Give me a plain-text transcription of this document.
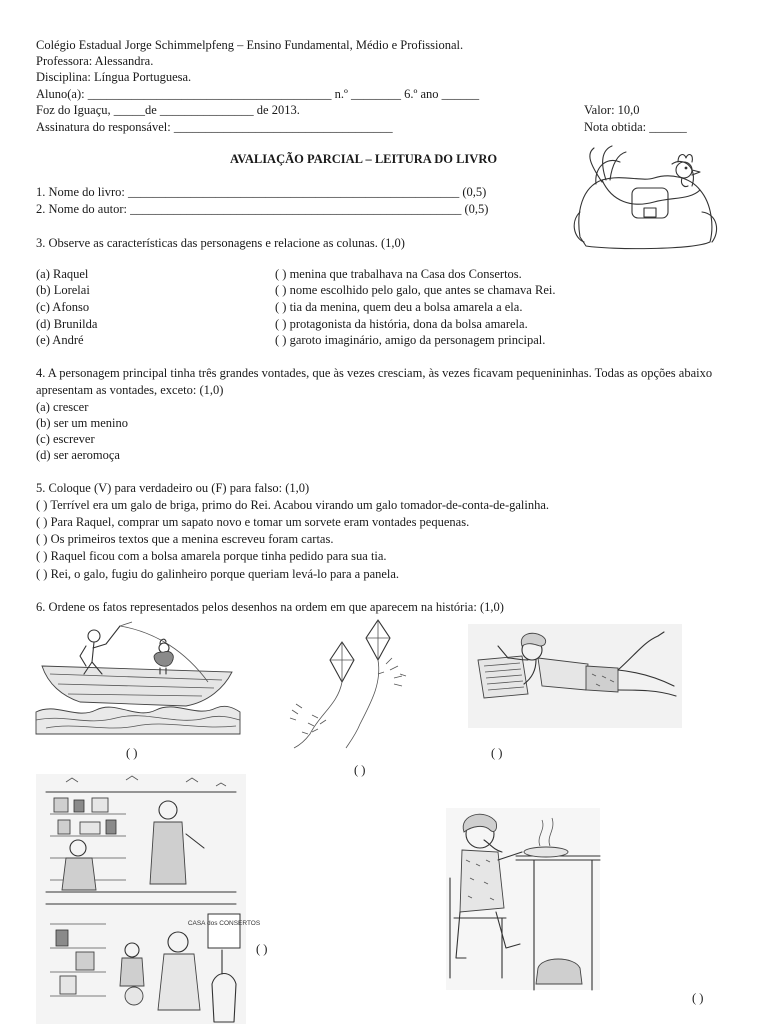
Colégio Estadual Jorge Schimmelpfeng – Ensino Fundamental, Médio e Profissional.
Professora: Alessandra.
Disciplina: Língua Portuguesa.
Aluno(a): _______________________________________ n.º ________ 6.º ano ______
Foz do Iguaçu, _____de _______________ de 2013.	Valor: 10,0
Assinatura do responsável: ___________________________________	Nota obtida: ______
AVALIAÇÃO PARCIAL – LEITURA DO LIVRO
1. Nome do livro: _____________________________________________________ (0,5)
2. Nome do autor: _____________________________________________________ (0,5)
3. Observe as características das personagens e relacione as colunas. (1,0)
(a) Raquel
(b) Lorelai
(c) Afonso
(d) Brunilda
(e) André
( ) menina que trabalhava na Casa dos Consertos.
( ) nome escolhido pelo galo, que antes se chamava Rei.
( ) tia da menina, quem deu a bolsa amarela a ela.
( ) protagonista da história, dona da bolsa amarela.
( ) garoto imaginário, amigo da personagem principal.
4. A personagem principal tinha três grandes vontades, que às vezes cresciam, às vezes ficavam pequenininhas. Todas as opções abaixo apresentam as vontades, exceto: (1,0)
(a) crescer
(b) ser um menino
(c) escrever
(d) ser aeromoça
5. Coloque (V) para verdadeiro ou (F) para falso: (1,0)
( ) Terrível era um galo de briga, primo do Rei. Acabou virando um galo tomador-de-conta-de-galinha.
( ) Para Raquel, comprar um sapato novo e tomar um sorvete eram vontades pequenas.
( ) Os primeiros textos que a menina escreveu foram cartas.
( ) Raquel ficou com a bolsa amarela porque tinha pedido para sua tia.
( ) Rei, o galo, fugiu do galinheiro porque queriam levá-lo para a panela.
6. Ordene os fatos representados pelos desenhos na ordem em que aparecem na história: (1,0)
( )
( )
( )
CASA dos CONSERTOS
( )
( )
